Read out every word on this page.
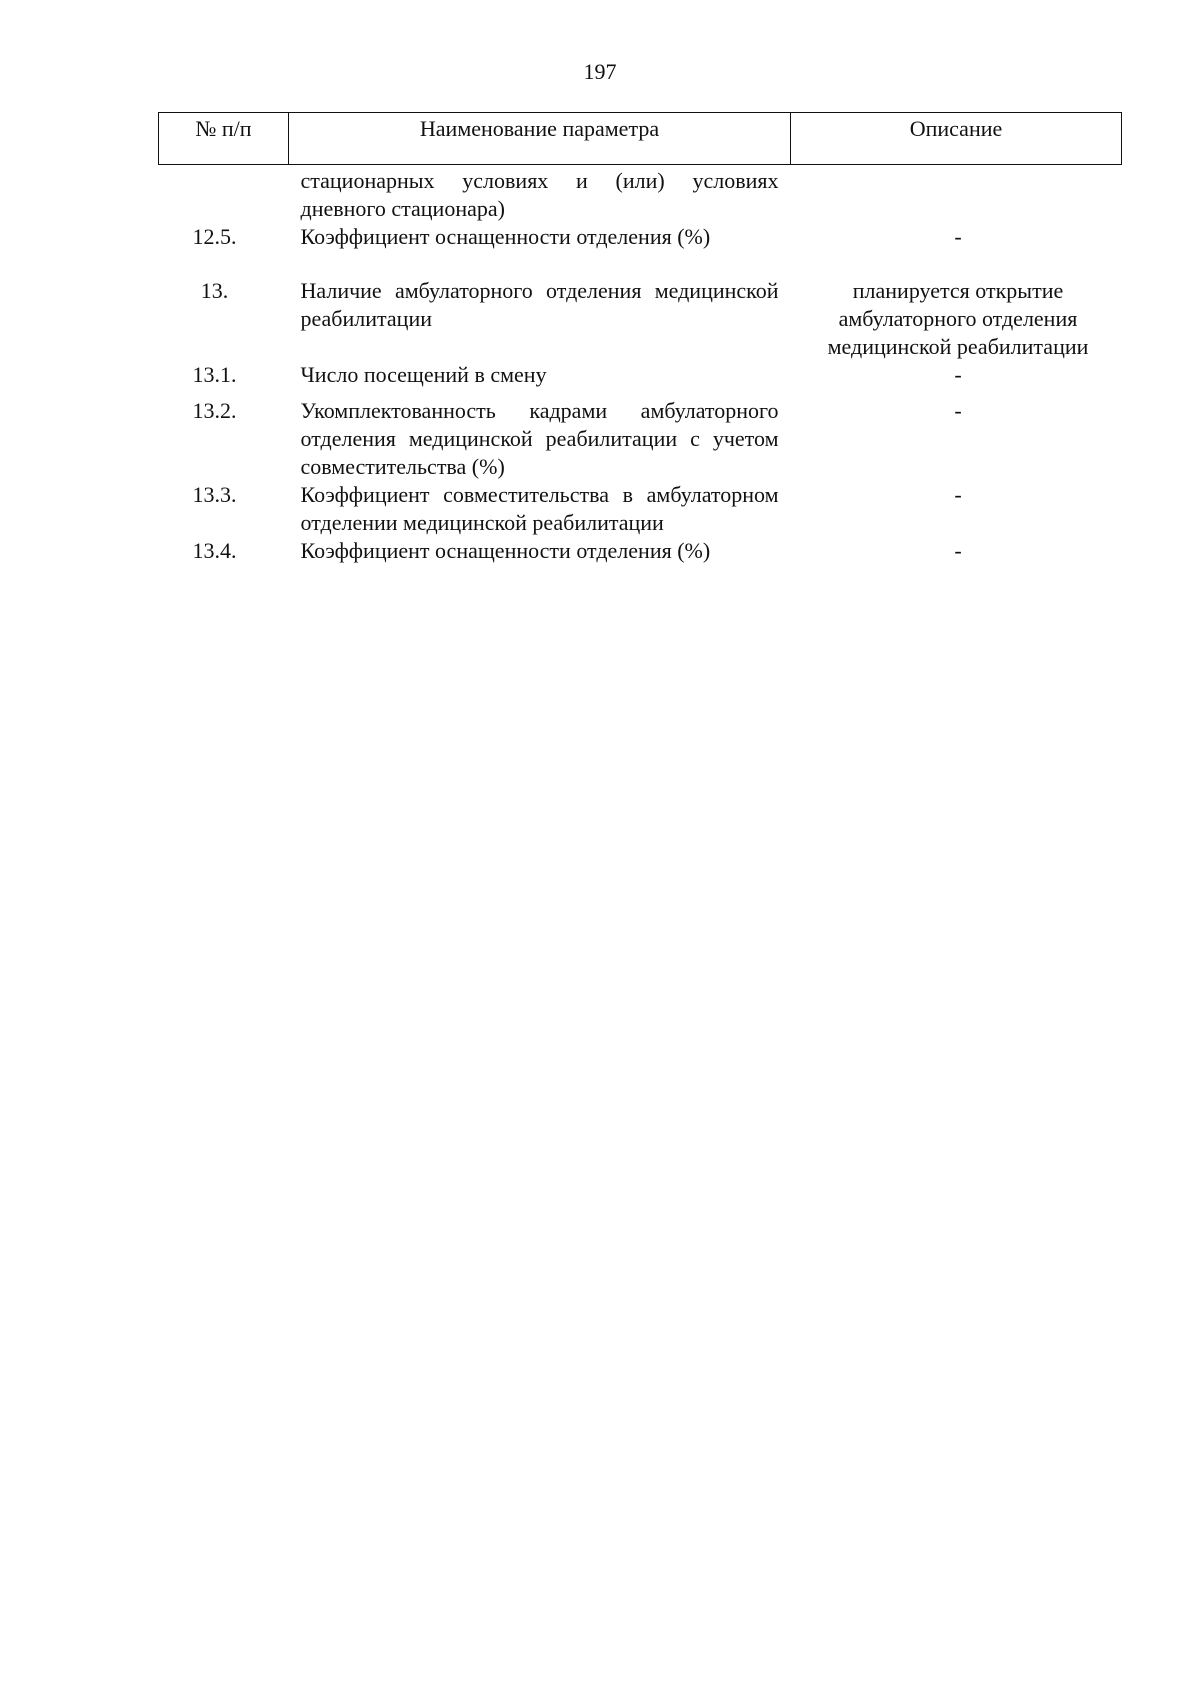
197
№ п/п	Наименование параметра	Описание
	стационарных условиях и (или) условиях дневного стационара)	
12.5.	Коэффициент оснащенности отделения (%)	-
13.	Наличие амбулаторного отделения медицинской реабилитации	планируется открытие амбулаторного отделения медицинской реабилитации
13.1.	Число посещений в смену	-
13.2.	Укомплектованность кадрами амбулаторного отделения медицинской реабилитации с учетом совместительства (%)	-
13.3.	Коэффициент совместительства в амбулаторном отделении медицинской реабилитации	-
13.4.	Коэффициент оснащенности отделения (%)	-
